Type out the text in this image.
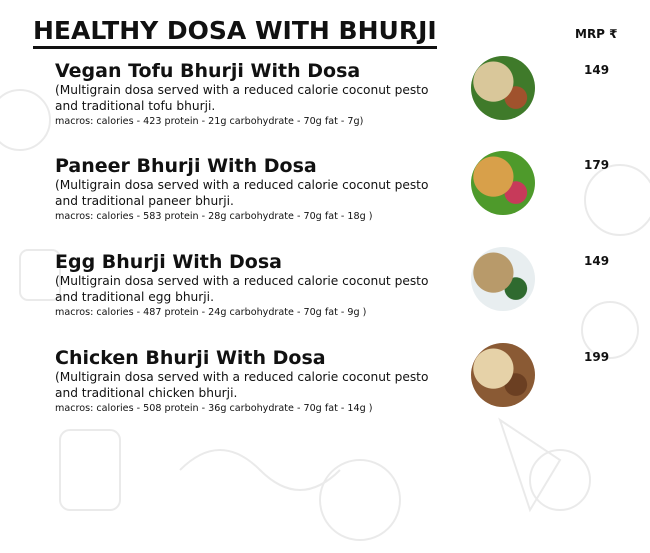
HEALTHY DOSA WITH BHURJI	MRP ₹
Vegan Tofu Bhurji With Dosa
(Multigrain dosa served with a reduced calorie coconut pesto and traditional tofu bhurji.
macros: calories - 423 protein - 21g carbohydrate - 70g fat - 7g)
149
Paneer Bhurji With Dosa
(Multigrain dosa served with a reduced calorie coconut pesto and traditional paneer bhurji.
macros: calories - 583 protein - 28g carbohydrate - 70g fat - 18g )
179
Egg Bhurji With Dosa
(Multigrain dosa served with a reduced calorie coconut pesto and traditional egg bhurji.
macros: calories - 487 protein - 24g carbohydrate - 70g fat - 9g )
149
Chicken Bhurji With Dosa
(Multigrain dosa served with a reduced calorie coconut pesto and traditional chicken bhurji.
macros: calories - 508 protein - 36g carbohydrate - 70g fat - 14g )
199
